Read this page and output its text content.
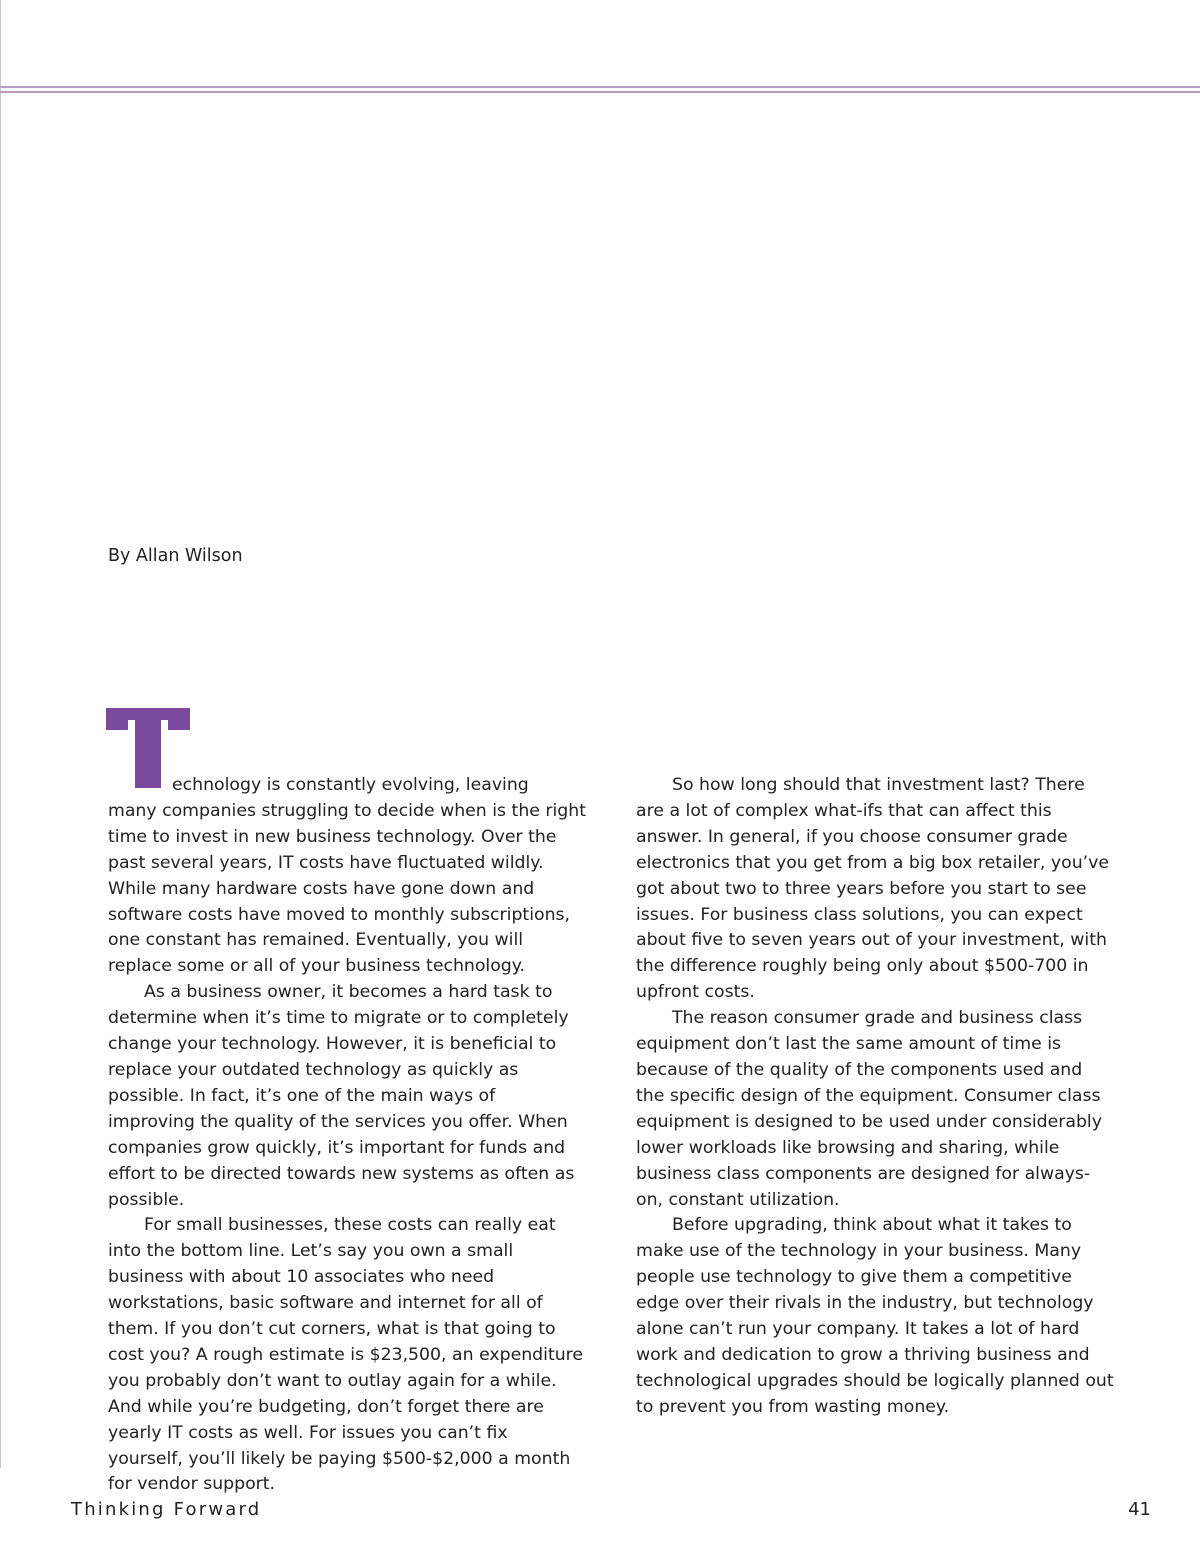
By Allan Wilson

echnology is constantly evolving, leaving
many companies struggling to decide when is the right time to invest in new business technology. Over the past several years, IT costs have fluctuated wildly. While many hardware costs have gone down and software costs have moved to monthly subscriptions, one constant has remained. Eventually, you will replace some or all of your business technology.

As a business owner, it becomes a hard task to determine when it’s time to migrate or to completely change your technology. However, it is beneficial to replace your outdated technology as quickly as possible. In fact, it’s one of the main ways of improving the quality of the services you offer. When companies grow quickly, it’s important for funds and effort to be directed towards new systems as often as possible.

For small businesses, these costs can really eat into the bottom line. Let’s say you own a small business with about 10 associates who need workstations, basic software and internet for all of them. If you don’t cut corners, what is that going to cost you? A rough estimate is $23,500, an expenditure you probably don’t want to outlay again for a while. And while you’re budgeting, don’t forget there are yearly IT costs as well. For issues you can’t fix yourself, you’ll likely be paying $500-$2,000 a month for vendor support.

So how long should that investment last? There are a lot of complex what-ifs that can affect this answer. In general, if you choose consumer grade electronics that you get from a big box retailer, you’ve got about two to three years before you start to see issues. For business class solutions, you can expect about five to seven years out of your investment, with the difference roughly being only about $500-700 in upfront costs.

The reason consumer grade and business class equipment don’t last the same amount of time is because of the quality of the components used and the specific design of the equipment. Consumer class equipment is designed to be used under considerably lower workloads like browsing and sharing, while business class components are designed for always-on, constant utilization.

Before upgrading, think about what it takes to make use of the technology in your business. Many people use technology to give them a competitive edge over their rivals in the industry, but technology alone can’t run your company. It takes a lot of hard work and dedication to grow a thriving business and technological upgrades should be logically planned out to prevent you from wasting money.

Thinking Forward	41
